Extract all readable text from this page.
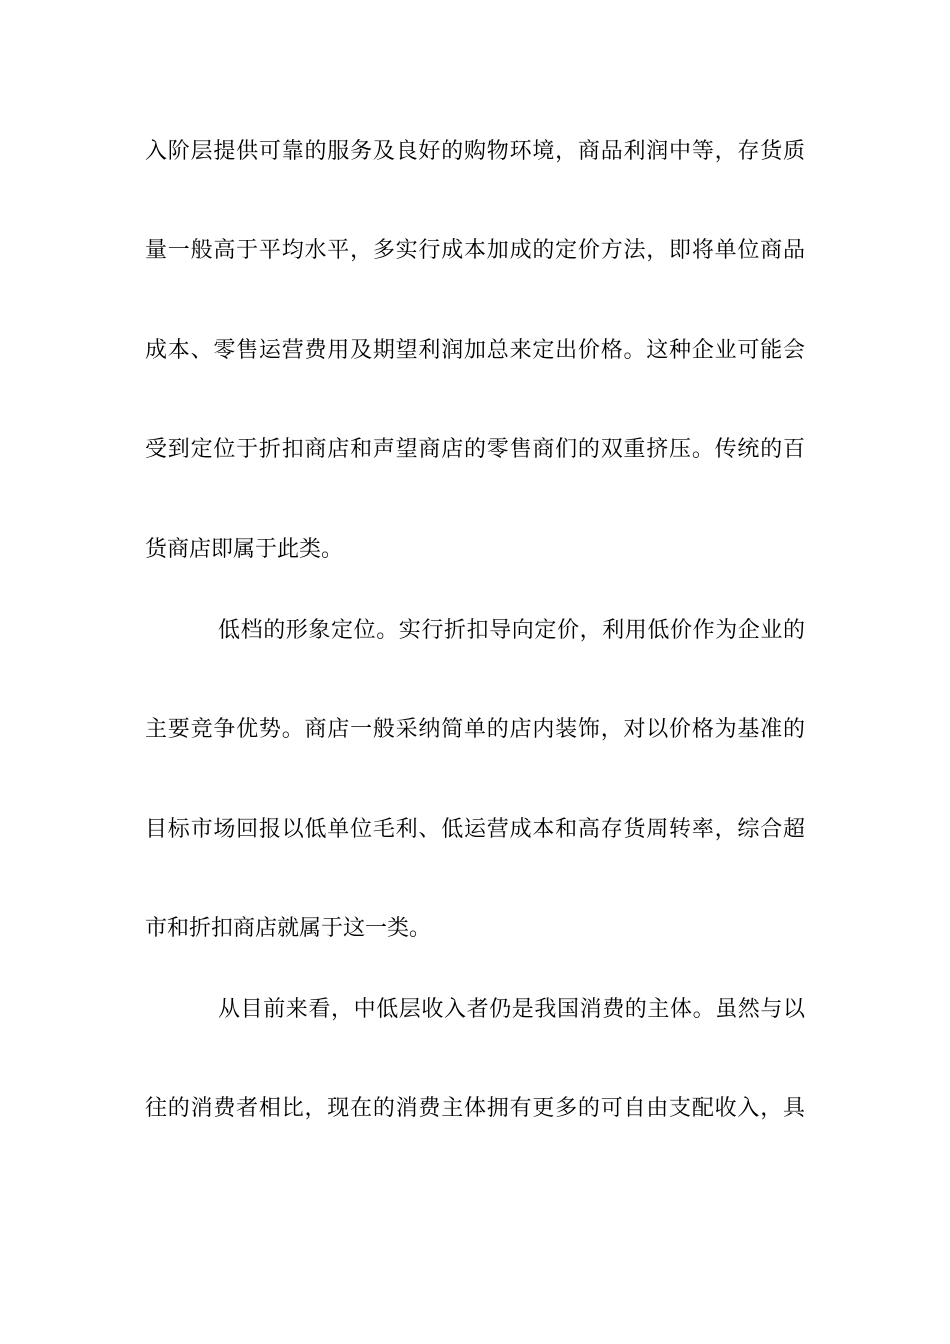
入阶层提供可靠的服务及良好的购物环境，商品利润中等，存货质
量一般高于平均水平，多实行成本加成的定价方法，即将单位商品
成本、零售运营费用及期望利润加总来定出价格。这种企业可能会
受到定位于折扣商店和声望商店的零售商们的双重挤压。传统的百
货商店即属于此类。
低档的形象定位。实行折扣导向定价，利用低价作为企业的
主要竞争优势。商店一般采纳简单的店内装饰，对以价格为基准的
目标市场回报以低单位毛利、低运营成本和高存货周转率，综合超
市和折扣商店就属于这一类。
从目前来看，中低层收入者仍是我国消费的主体。虽然与以
往的消费者相比，现在的消费主体拥有更多的可自由支配收入，具
